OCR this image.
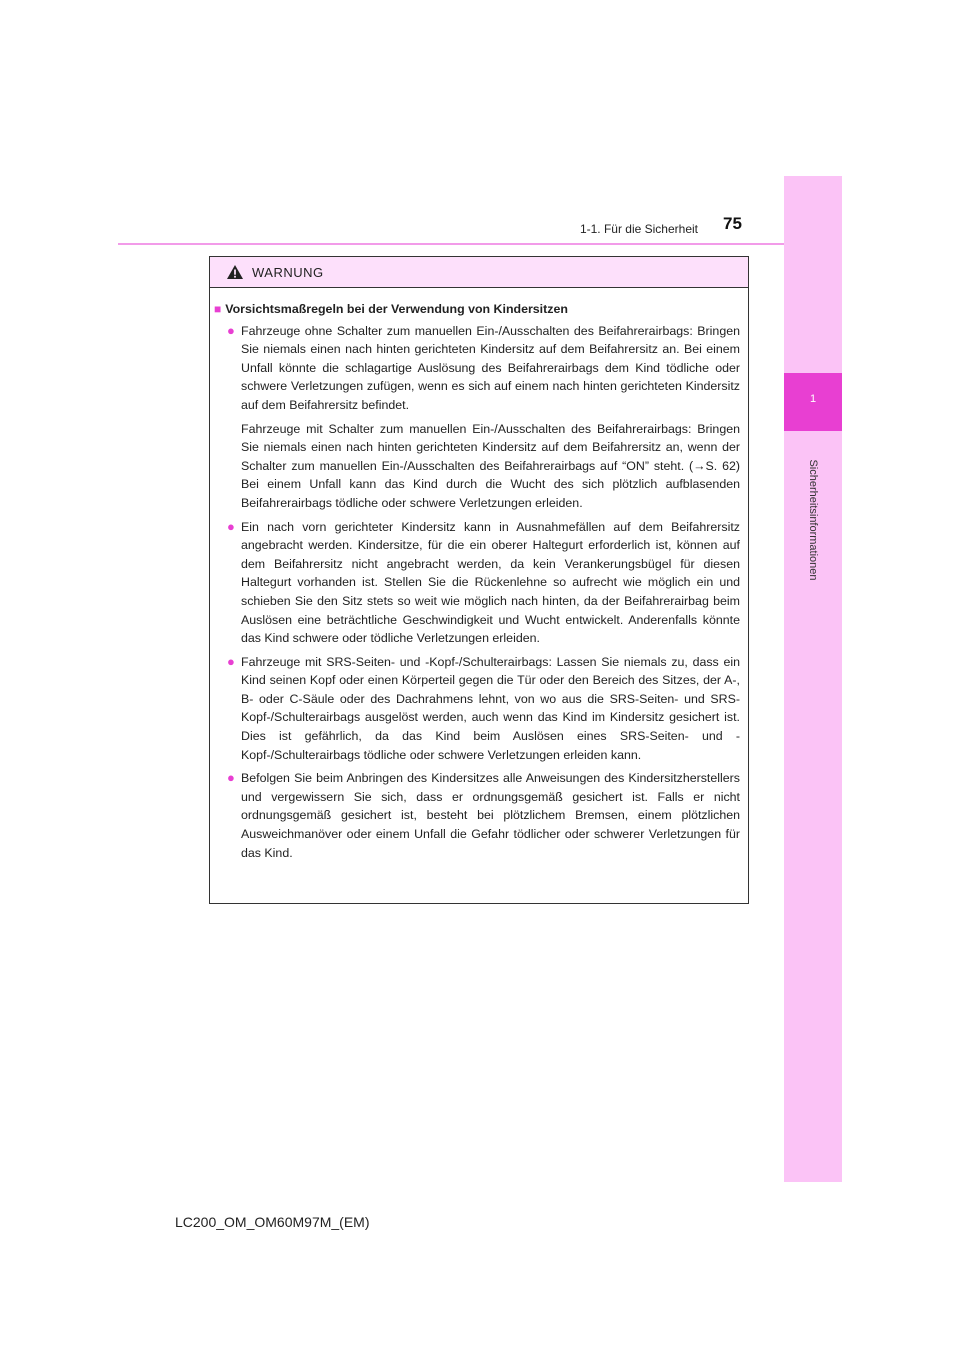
1
Sicherheitsinformationen
1-1. Für die Sicherheit 75
WARNUNG
■ Vorsichtsmaßregeln bei der Verwendung von Kindersitzen
● Fahrzeuge ohne Schalter zum manuellen Ein-/Ausschalten des Beifahrerairbags: Bringen Sie niemals einen nach hinten gerichteten Kindersitz auf dem Beifahrersitz an. Bei einem Unfall könnte die schlagartige Auslösung des Beifahrerairbags dem Kind tödliche oder schwere Verletzungen zufügen, wenn es sich auf einem nach hinten gerichteten Kindersitz auf dem Beifahrersitz befindet.

Fahrzeuge mit Schalter zum manuellen Ein-/Ausschalten des Beifahrerairbags: Bringen Sie niemals einen nach hinten gerichteten Kindersitz auf dem Beifahrersitz an, wenn der Schalter zum manuellen Ein-/Ausschalten des Beifahrerairbags auf “ON” steht. (→S. 62) Bei einem Unfall kann das Kind durch die Wucht des sich plötzlich aufblasenden Beifahrerairbags tödliche oder schwere Verletzungen erleiden.

● Ein nach vorn gerichteter Kindersitz kann in Ausnahmefällen auf dem Beifahrersitz angebracht werden. Kindersitze, für die ein oberer Haltegurt erforderlich ist, können auf dem Beifahrersitz nicht angebracht werden, da kein Verankerungsbügel für diesen Haltegurt vorhanden ist. Stellen Sie die Rückenlehne so aufrecht wie möglich ein und schieben Sie den Sitz stets so weit wie möglich nach hinten, da der Beifahrerairbag beim Auslösen eine beträchtliche Geschwindigkeit und Wucht entwickelt. Anderenfalls könnte das Kind schwere oder tödliche Verletzungen erleiden.

● Fahrzeuge mit SRS-Seiten- und -Kopf-/Schulterairbags: Lassen Sie niemals zu, dass ein Kind seinen Kopf oder einen Körperteil gegen die Tür oder den Bereich des Sitzes, der A-, B- oder C-Säule oder des Dachrahmens lehnt, von wo aus die SRS-Seiten- und SRS-Kopf-/Schulterairbags ausgelöst werden, auch wenn das Kind im Kindersitz gesichert ist. Dies ist gefährlich, da das Kind beim Auslösen eines SRS-Seiten- und -Kopf-/Schulterairbags tödliche oder schwere Verletzungen erleiden kann.

● Befolgen Sie beim Anbringen des Kindersitzes alle Anweisungen des Kindersitzherstellers und vergewissern Sie sich, dass er ordnungsgemäß gesichert ist. Falls er nicht ordnungsgemäß gesichert ist, besteht bei plötzlichem Bremsen, einem plötzlichen Ausweichmanöver oder einem Unfall die Gefahr tödlicher oder schwerer Verletzungen für das Kind.

LC200_OM_OM60M97M_(EM)
